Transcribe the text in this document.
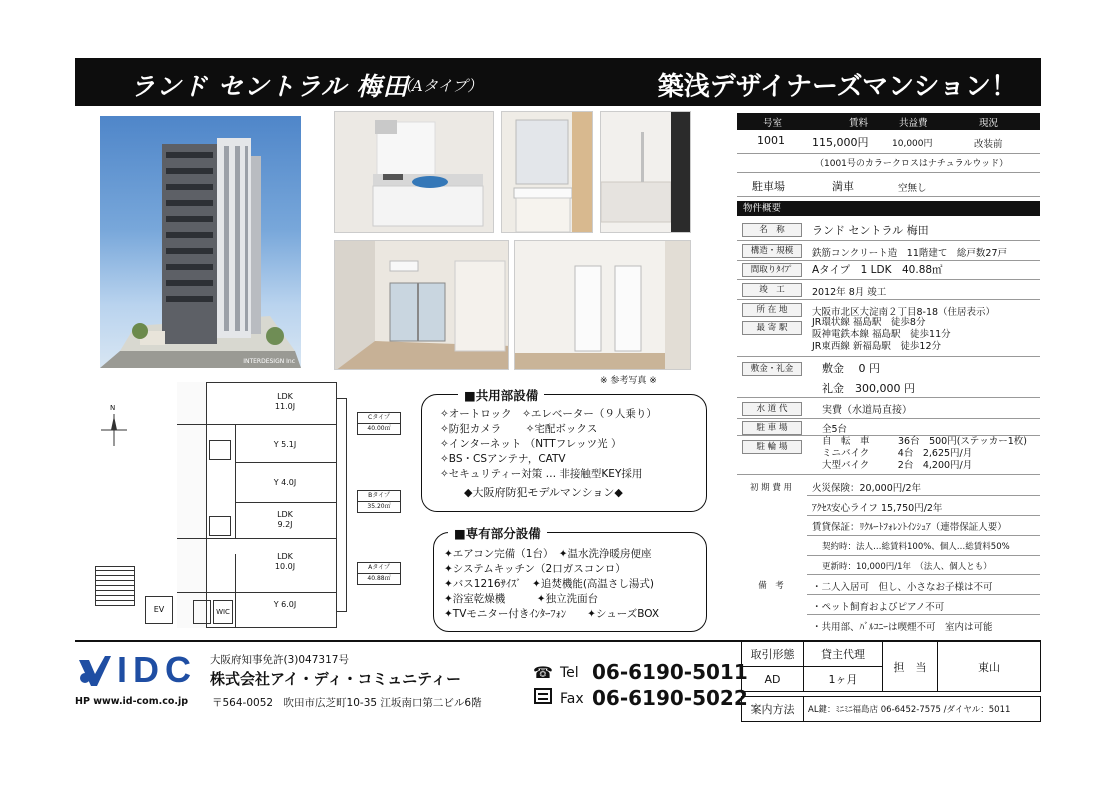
ランド セントラル 梅田
（Aタイプ）	築浅デザイナーズマンション！
INTERDESIGN Inc
※ 参考写真 ※
N
EV	WIC
LDK
11.0J
Y 5.1J
Y 4.0J
LDK
9.2J
LDK
10.0J
Y 6.0J
Cタイプ
40.00㎡
Bタイプ
35.20㎡
Aタイプ
40.88㎡
■共用部設備
✧オートロック　✧エレベーター（９人乗り）
✧防犯カメラ　　 ✧宅配ボックス
✧インターネット （NTTフレッツ光 ）
✧BS・CSアンテナ，CATV
✧セキュリティー対策 … 非接触型KEY採用
◆大阪府防犯モデルマンション◆
■専有部分設備
✦エアコン完備（1台）　✦温水洗浄暖房便座
✦システムキッチン（2口ガスコンロ）
✦バス1216ｻｲｽﾞ　✦追焚機能(高温さし湯式)
✦浴室乾燥機　　　✦独立洗面台
✦TVモニター付きｲﾝﾀｰﾌｫﾝ　　✦シューズBOX
号室	賃料	共益費	現況
1001 115,000円	10,000円	改装前
（1001号のカラークロスはナチュラルウッド）
駐車場	満車	空無し
物件概要
名　称	ランド セントラル 梅田
構造・規模	鉄筋コンクリート造　11階建て　総戸数27戸
間取りﾀｲﾌﾟ	Aタイプ　1 LDK　40.88㎡
竣　工	2012年 8月 竣工
所 在 地	大阪市北区大淀南２丁目8-18（住居表示）
最 寄 駅	JR環状線 福島駅　徒歩8分
阪神電鉄本線 福島駅　徒歩11分
JR東西線 新福島駅　徒歩12分
敷金・礼金	敷金　 0 円
礼金　300,000 円
水 道 代	実費（水道局直接）
駐 車 場	全5台
駐 輪 場	自　転　車　　　36台　500円(ステッカー1枚)
ミニバイク　　　4台　2,625円/月
大型バイク　　　2台　4,200円/月
初 期 費 用	火災保険：20,000円/2年
ｱｸｾｽ安心ライフ 15,750円/2年
賃貸保証：ﾘｸﾙｰﾄﾌｫﾚﾝﾄｲﾝｼｭｱ（連帯保証人要）
契約時：法人…総賃料100%、個人…総賃料50%
更新時：10,000円/1年　（法人、個人とも）
備　考	・二人入居可　但し、小さなお子様は不可
・ペット飼育およびピアノ不可
・共用部、ﾊﾞﾙｺﾆｰは喫煙不可　室内は可能
IDC
HP www.id-com.co.jp
大阪府知事免許(3)047317号
株式会社アイ・ディ・コミュニティー
〒564-0052　吹田市広芝町10-35 江坂南口第二ビル6階
☎ Tel 06-6190-5011
Fax 06-6190-5022
取引形態	貸主代理
AD	1ヶ月
担　当	東山
案内方法	AL鍵：ﾐﾆﾐﾆ福島店 06-6452-7575 /ダイヤル：5011
